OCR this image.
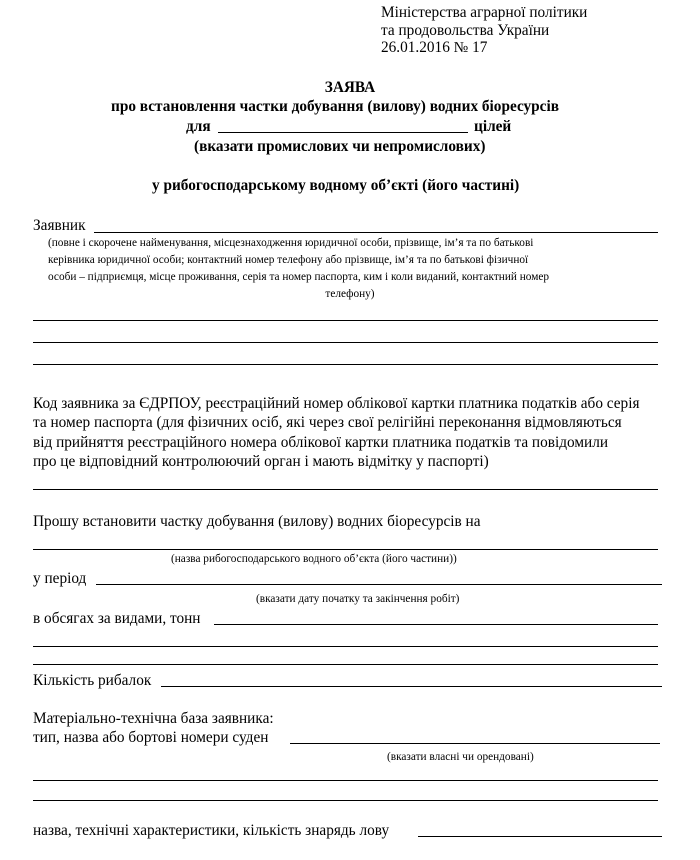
Міністерства аграрної політики
та продовольства України
26.01.2016 № 17
ЗАЯВА
про встановлення частки добування (вилову) водних біоресурсів
для	цілей
(вказати промислових чи непромислових)
у рибогосподарському водному об’єкті (його частині)
Заявник
(повне і скорочене найменування, місцезнаходження юридичної особи, прізвище, ім’я та по батькові
керівника юридичної особи; контактний номер телефону або прізвище, ім’я та по батькові фізичної
особи – підприємця, місце проживання, серія та номер паспорта, ким і коли виданий, контактний номер
телефону)
Код заявника за ЄДРПОУ, реєстраційний номер облікової картки платника податків або серія
та номер паспорта (для фізичних осіб, які через свої релігійні переконання відмовляються
від прийняття реєстраційного номера облікової картки платника податків та повідомили
про це відповідний контролюючий орган і мають відмітку у паспорті)
Прошу встановити частку добування (вилову) водних біоресурсів на
(назва рибогосподарського водного об’єкта (його частини))
у період
(вказати дату початку та закінчення робіт)
в обсягах за видами, тонн
Кількість рибалок
Матеріально-технічна база заявника:
тип, назва або бортові номери суден
(вказати власні чи орендовані)
назва, технічні характеристики, кількість знарядь лову
